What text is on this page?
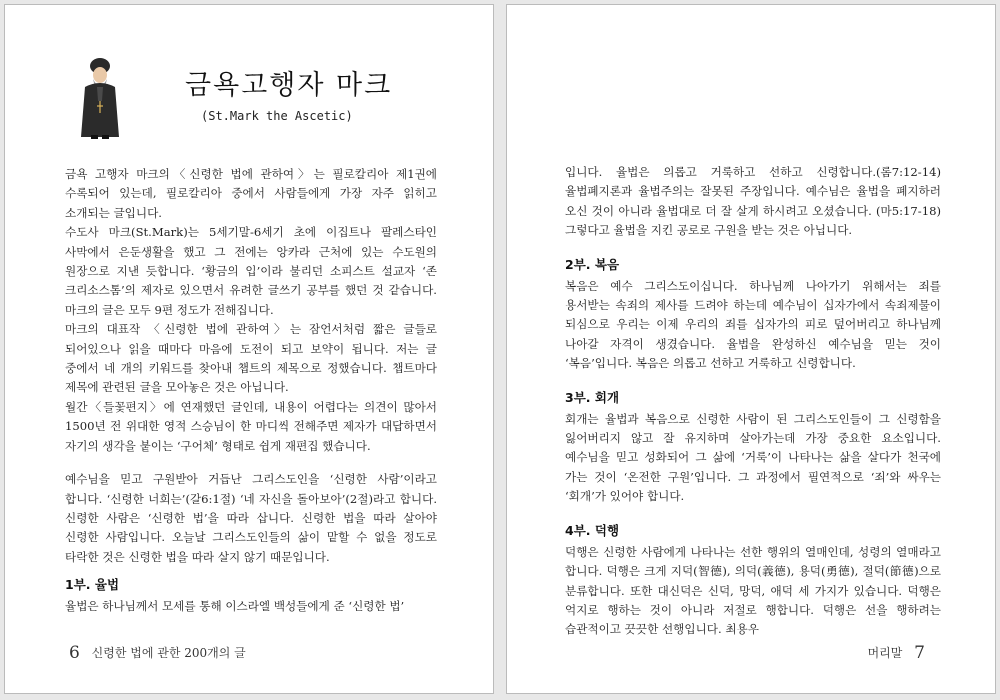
금욕고행자 마크
(St.Mark the Ascetic)

금욕 고행자 마크의〈신령한 법에 관하여〉는 필로칼리아 제1권에 수록되어 있는데, 필로칼리아 중에서 사람들에게 가장 자주 읽히고 소개되는 글입니다.

수도사 마크(St.Mark)는 5세기말-6세기 초에 이집트나 팔레스타인 사막에서 은둔생활을 했고 그 전에는 앙카라 근처에 있는 수도원의 원장으로 지낸 듯합니다. ‘황금의 입’이라 불리던 소피스트 설교자 ‘존 크리소스톰’의 제자로 있으면서 유려한 글쓰기 공부를 했던 것 같습니다. 마크의 글은 모두 9편 정도가 전해집니다.

마크의 대표작 〈신령한 법에 관하여〉는 잠언서처럼 짧은 글들로 되어있으나 읽을 때마다 마음에 도전이 되고 보약이 됩니다. 저는 글 중에서 네 개의 키워드를 찾아내 챕트의 제목으로 정했습니다. 챕트마다 제목에 관련된 글을 모아놓은 것은 아닙니다.

월간〈들꽃편지〉에 연재했던 글인데, 내용이 어렵다는 의견이 많아서 1500년 전 위대한 영적 스승님이 한 마디씩 전해주면 제자가 대답하면서 자기의 생각을 붙이는 ‘구어체’ 형태로 쉽게 재편집 했습니다.

예수님을 믿고 구원받아 거듭난 그리스도인을 ‘신령한 사람’이라고 합니다. ‘신령한 너희는’(갈6:1절) ‘네 자신을 돌아보아’(2절)라고 합니다. 신령한 사람은 ‘신령한 법’을 따라 삽니다. 신령한 법을 따라 살아야 신령한 사람입니다. 오늘날 그리스도인들의 삶이 맡할 수 없을 정도로 타락한 것은 신령한 법을 따라 살지 않기 때문입니다.

1부. 율법

율법은 하나님께서 모세를 통해 이스라엘 백성들에게 준 ‘신령한 법’

6 신령한 법에 관한 200개의 글

입니다. 율법은 의롭고 거룩하고 선하고 신령합니다.(롬7:12-14) 율법폐지론과 율법주의는 잘못된 주장입니다. 예수님은 율법을 폐지하러 오신 것이 아니라 율법대로 더 잘 살게 하시려고 오셨습니다. (마5:17-18) 그렇다고 율법을 지킨 공로로 구원을 받는 것은 아닙니다.

2부. 복음

복음은 예수 그리스도이십니다. 하나님께 나아가기 위해서는 죄를 용서받는 속죄의 제사를 드려야 하는데 예수님이 십자가에서 속죄제물이 되심으로 우리는 이제 우리의 죄를 십자가의 피로 덮어버리고 하나님께 나아갈 자격이 생겼습니다. 율법을 완성하신 예수님을 믿는 것이 ‘복음’입니다. 복음은 의롭고 선하고 거룩하고 신령합니다.

3부. 회개

회개는 율법과 복음으로 신령한 사람이 된 그리스도인들이 그 신령함을 잃어버리지 않고 잘 유지하며 살아가는데 가장 중요한 요소입니다. 예수님을 믿고 성화되어 그 삶에 ‘거룩’이 나타나는 삶을 살다가 천국에 가는 것이 ‘온전한 구원’입니다. 그 과정에서 필연적으로 ‘죄’와 싸우는 ‘회개’가 있어야 합니다.

4부. 덕행

덕행은 신령한 사람에게 나타나는 선한 행위의 열매인데, 성령의 열매라고 합니다. 덕행은 크게 지덕(智德), 의덕(義德), 용덕(勇德), 절덕(節德)으로 분류합니다. 또한 대신덕은 신덕, 망덕, 애덕 세 가지가 있습니다. 덕행은 억지로 행하는 것이 아니라 저절로 행합니다. 덕행은 선을 행하려는 습관적이고 끗끗한 선행입니다. 최용우

머리말 7
